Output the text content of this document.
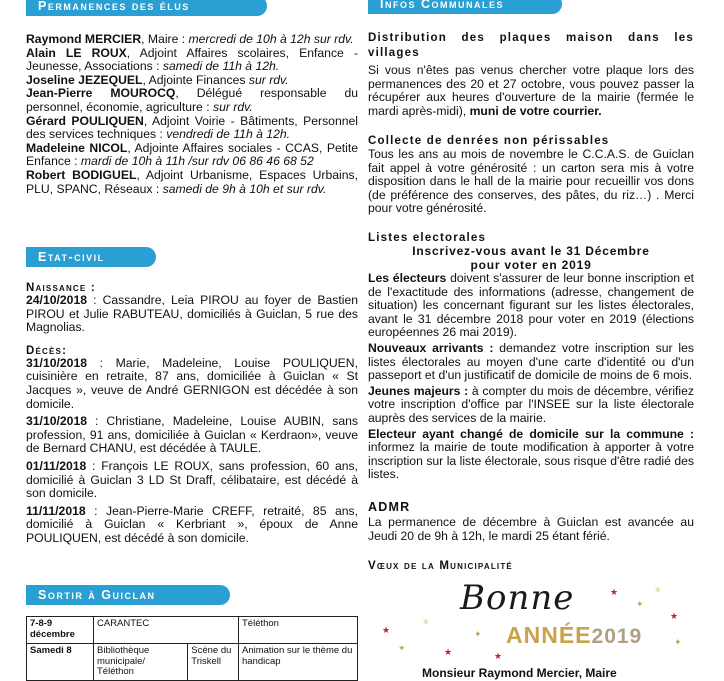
Permanences des élus

Raymond MERCIER, Maire : mercredi de 10h à 12h sur rdv.

Alain LE ROUX, Adjoint Affaires scolaires, Enfance - Jeunesse, Associations : samedi de 11h à 12h.

Joseline JEZEQUEL, Adjointe Finances sur rdv.

Jean-Pierre MOUROCQ, Délégué responsable du personnel, économie, agriculture : sur rdv.

Gérard POULIQUEN, Adjoint Voirie - Bâtiments, Personnel des services techniques : vendredi de 11h à 12h.

Madeleine NICOL, Adjointe Affaires sociales - CCAS, Petite Enfance : mardi de 10h à 11h /sur rdv 06 86 46 68 52

Robert BODIGUEL, Adjoint Urbanisme, Espaces Urbains, PLU, SPANC, Réseaux : samedi de 9h à 10h et sur rdv.

Etat-civil

Naissance :

24/10/2018 : Cassandre, Leia PIROU au foyer de Bastien PIROU et Julie RABUTEAU, domiciliés à Guiclan, 5 rue des Magnolias.

Décès:

31/10/2018 : Marie, Madeleine, Louise POULIQUEN, cuisinière en retraite, 87 ans, domiciliée à Guiclan « St Jacques », veuve de André GERNIGON est décédée à son domicile.

31/10/2018 : Christiane, Madeleine, Louise AUBIN, sans profession, 91 ans, domiciliée à Guiclan « Kerdraon», veuve de Bernard CHANU, est décédée à TAULE.

01/11/2018 : François LE ROUX, sans profession, 60 ans, domicilié à Guiclan 3 LD St Draff, célibataire, est décédé à son domicile.

11/11/2018 : Jean-Pierre-Marie CREFF, retraité, 85 ans, domicilié à Guiclan « Kerbriant », époux de Anne POULIQUEN, est décédé à son domicile.

Sortir à Guiclan
7-8-9 décembre	CARANTEC		Téléthon
Samedi 8	Bibliothèque municipale/ Téléthon	Scène du Triskell	Animation sur le thème du handicap
Infos Communales

Distribution des plaques maison dans les villages

Si vous n'êtes pas venus chercher votre plaque lors des permanences des 20 et 27 octobre, vous pouvez passer la récupérer aux heures d'ouverture de la mairie (fermée le mardi après-midi), muni de votre courrier.

Collecte de denrées non périssables

Tous les ans au mois de novembre le C.C.A.S. de Guiclan fait appel à votre générosité : un carton sera mis à votre disposition dans le hall de la mairie pour recueillir vos dons (de préférence des conserves, des pâtes, du riz…) . Merci pour votre générosité.

Listes electorales

Inscrivez-vous avant le 31 Décembre

pour voter en 2019

Les électeurs doivent s'assurer de leur bonne inscription et de l'exactitude des informations (adresse, changement de situation) les concernant figurant sur les listes électorales, avant le 31 décembre 2018 pour voter en 2019 (élections européennes 26 mai 2019).

Nouveaux arrivants : demandez votre inscription sur les listes électorales au moyen d'une carte d'identité ou d'un passeport et d'un justificatif de domicile de moins de 6 mois.

Jeunes majeurs : à compter du mois de décembre, vérifiez votre inscription d'office par l'INSEE sur la liste électorale auprès des services de la mairie.

Electeur ayant changé de domicile sur la commune : informez la mairie de toute modification à apporter à votre inscription sur la liste électorale, sous risque d'être radié des listes.

ADMR

La permanence de décembre à Guiclan est avancée au Jeudi 20 de 9h à 12h, le mardi 25 étant férié.

Vœux de la Municipalité

★
✦
✧
★
✦
★
★
✦
✧
★
✦
Bonne
ANNÉE2019
Monsieur Raymond Mercier, Maire
